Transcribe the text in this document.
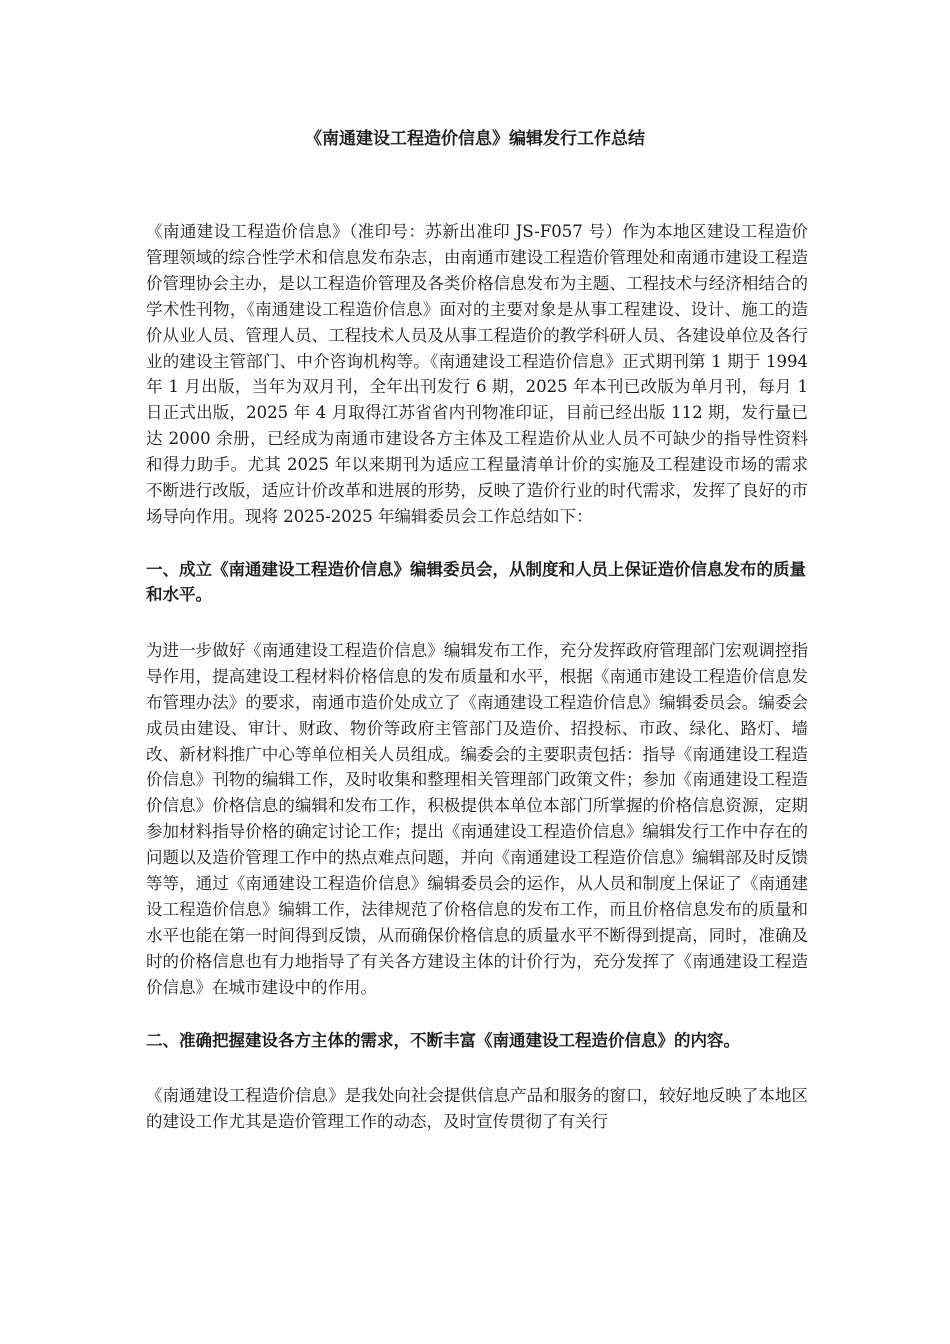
《南通建设工程造价信息》编辑发行工作总结

《南通建设工程造价信息》（准印号：苏新出准印 JS-F057 号）作为本地区建设工程造价管理领域的综合性学术和信息发布杂志，由南通市建设工程造价管理处和南通市建设工程造价管理协会主办，是以工程造价管理及各类价格信息发布为主题、工程技术与经济相结合的学术性刊物，《南通建设工程造价信息》面对的主要对象是从事工程建设、设计、施工的造价从业人员、管理人员、工程技术人员及从事工程造价的教学科研人员、各建设单位及各行业的建设主管部门、中介咨询机构等。《南通建设工程造价信息》正式期刊第 1 期于 1994 年 1 月出版，当年为双月刊，全年出刊发行 6 期，2025 年本刊已改版为单月刊，每月 1 日正式出版，2025 年 4 月取得江苏省省内刊物准印证，目前已经出版 112 期，发行量已达 2000 余册，已经成为南通市建设各方主体及工程造价从业人员不可缺少的指导性资料和得力助手。尤其 2025 年以来期刊为适应工程量清单计价的实施及工程建设市场的需求不断进行改版，适应计价改革和进展的形势，反映了造价行业的时代需求，发挥了良好的市场导向作用。现将 2025-2025 年编辑委员会工作总结如下：

一、成立《南通建设工程造价信息》编辑委员会，从制度和人员上保证造价信息发布的质量和水平。

为进一步做好《南通建设工程造价信息》编辑发布工作，充分发挥政府管理部门宏观调控指导作用，提高建设工程材料价格信息的发布质量和水平，根据《南通市建设工程造价信息发布管理办法》的要求，南通市造价处成立了《南通建设工程造价信息》编辑委员会。编委会成员由建设、审计、财政、物价等政府主管部门及造价、招投标、市政、绿化、路灯、墙改、新材料推广中心等单位相关人员组成。编委会的主要职责包括：指导《南通建设工程造价信息》刊物的编辑工作，及时收集和整理相关管理部门政策文件；参加《南通建设工程造价信息》价格信息的编辑和发布工作，积极提供本单位本部门所掌握的价格信息资源，定期参加材料指导价格的确定讨论工作；提出《南通建设工程造价信息》编辑发行工作中存在的问题以及造价管理工作中的热点难点问题，并向《南通建设工程造价信息》编辑部及时反馈等等，通过《南通建设工程造价信息》编辑委员会的运作，从人员和制度上保证了《南通建设工程造价信息》编辑工作，法律规范了价格信息的发布工作，而且价格信息发布的质量和水平也能在第一时间得到反馈，从而确保价格信息的质量水平不断得到提高，同时，准确及时的价格信息也有力地指导了有关各方建设主体的计价行为，充分发挥了《南通建设工程造价信息》在城市建设中的作用。

二、准确把握建设各方主体的需求，不断丰富《南通建设工程造价信息》的内容。

《南通建设工程造价信息》是我处向社会提供信息产品和服务的窗口，较好地反映了本地区的建设工作尤其是造价管理工作的动态，及时宣传贯彻了有关行
